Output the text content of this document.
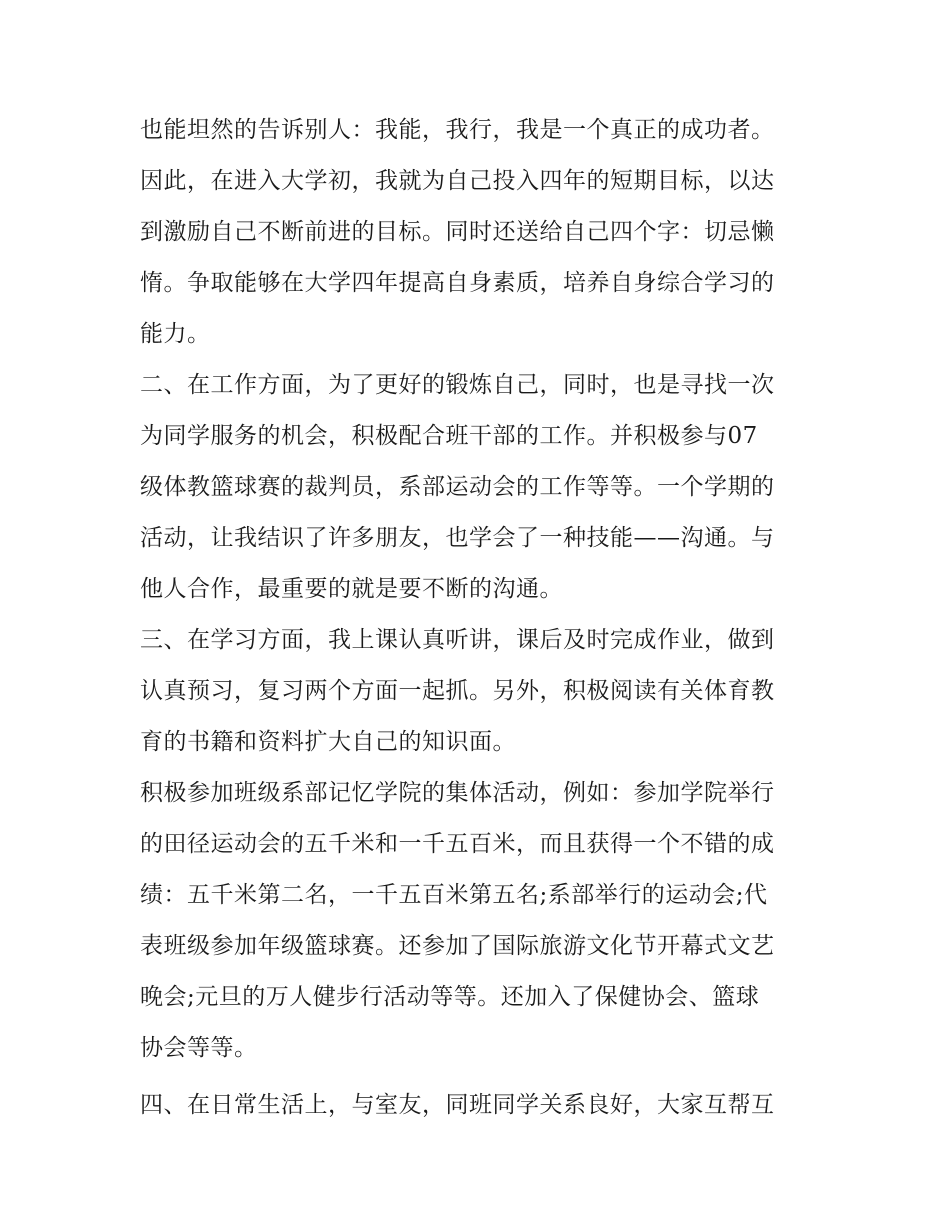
也能坦然的告诉别人：我能，我行，我是一个真正的成功者。
因此，在进入大学初，我就为自己投入四年的短期目标，以达
到激励自己不断前进的目标。同时还送给自己四个字：切忌懒
惰。争取能够在大学四年提高自身素质，培养自身综合学习的
能力。
二、在工作方面，为了更好的锻炼自己，同时，也是寻找一次
为同学服务的机会，积极配合班干部的工作。并积极参与07
级体教篮球赛的裁判员，系部运动会的工作等等。一个学期的
活动，让我结识了许多朋友，也学会了一种技能——沟通。与
他人合作，最重要的就是要不断的沟通。
三、在学习方面，我上课认真听讲，课后及时完成作业，做到
认真预习，复习两个方面一起抓。另外，积极阅读有关体育教
育的书籍和资料扩大自己的知识面。
积极参加班级系部记忆学院的集体活动，例如：参加学院举行
的田径运动会的五千米和一千五百米，而且获得一个不错的成
绩：五千米第二名，一千五百米第五名;系部举行的运动会;代
表班级参加年级篮球赛。还参加了国际旅游文化节开幕式文艺
晚会;元旦的万人健步行活动等等。还加入了保健协会、篮球
协会等等。
四、在日常生活上，与室友，同班同学关系良好，大家互帮互
